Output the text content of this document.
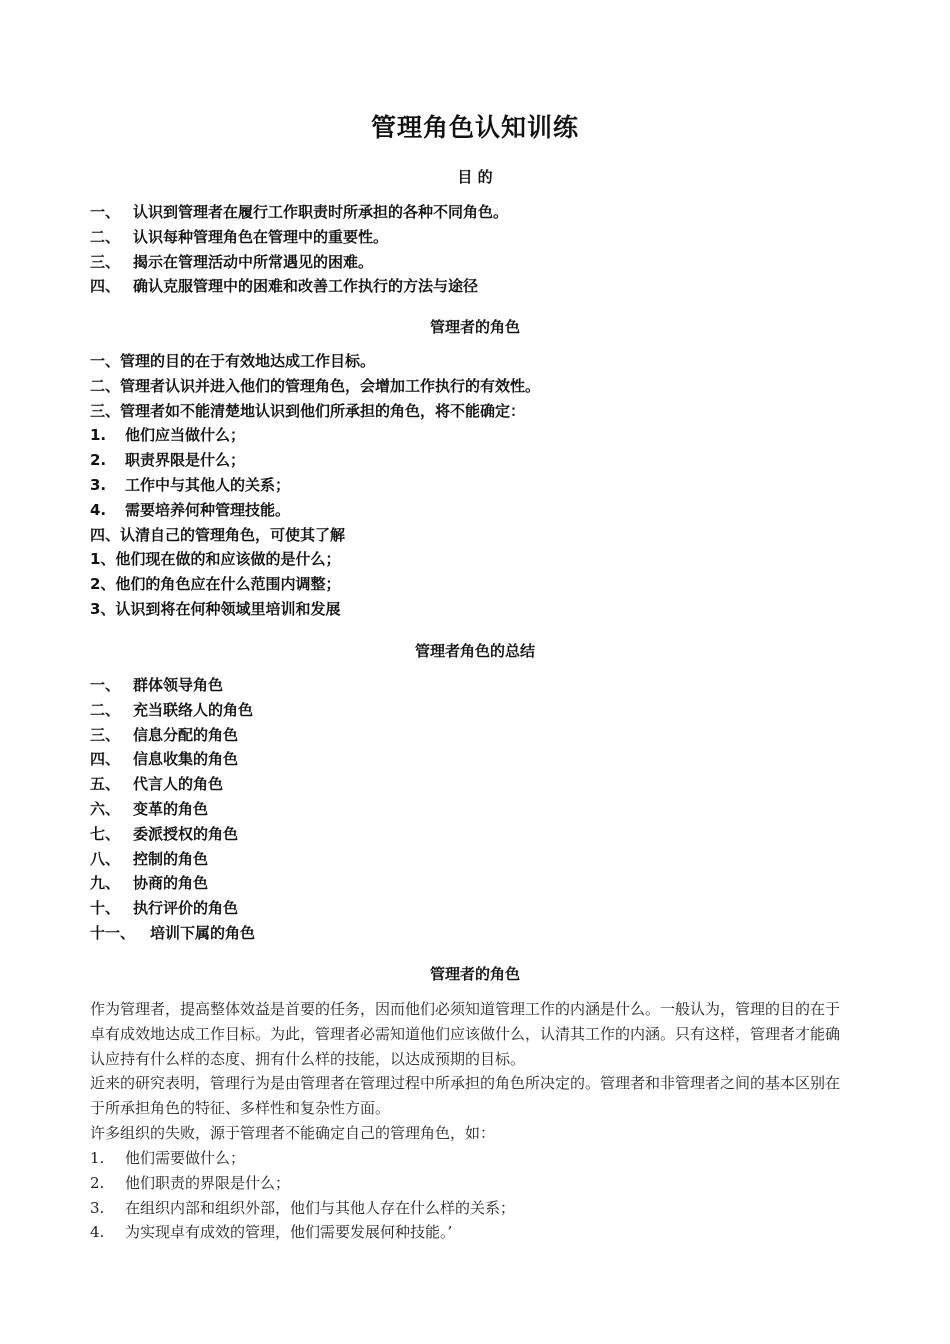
管理角色认知训练
目 的
一、 认识到管理者在履行工作职责时所承担的各种不同角色。
二、 认识每种管理角色在管理中的重要性。
三、 揭示在管理活动中所常遇见的困难。
四、 确认克服管理中的困难和改善工作执行的方法与途径
管理者的角色
一、管理的目的在于有效地达成工作目标。
二、管理者认识并进入他们的管理角色，会增加工作执行的有效性。
三、管理者如不能清楚地认识到他们所承担的角色，将不能确定：
1. 他们应当做什么；
2. 职责界限是什么；
3. 工作中与其他人的关系；
4. 需要培养何种管理技能。
四、认清自己的管理角色，可使其了解
1、他们现在做的和应该做的是什么；
2、他们的角色应在什么范围内调整；
3、认识到将在何种领域里培训和发展
管理者角色的总结
一、 群体领导角色
二、 充当联络人的角色
三、 信息分配的角色
四、 信息收集的角色
五、 代言人的角色
六、 变革的角色
七、 委派授权的角色
八、 控制的角色
九、 协商的角色
十、 执行评价的角色
十一、 培训下属的角色
管理者的角色

作为管理者，提高整体效益是首要的任务，因而他们必须知道管理工作的内涵是什么。一般认为，管理的目的在于卓有成效地达成工作目标。为此，管理者必需知道他们应该做什么，认清其工作的内涵。只有这样，管理者才能确认应持有什么样的态度、拥有什么样的技能，以达成预期的目标。

近来的研究表明，管理行为是由管理者在管理过程中所承担的角色所决定的。管理者和非管理者之间的基本区别在于所承担角色的特征、多样性和复杂性方面。

许多组织的失败，源于管理者不能确定自己的管理角色，如：

1. 他们需要做什么；
2. 他们职责的界限是什么；
3. 在组织内部和组织外部，他们与其他人存在什么样的关系；
4. 为实现卓有成效的管理，他们需要发展何种技能。’
